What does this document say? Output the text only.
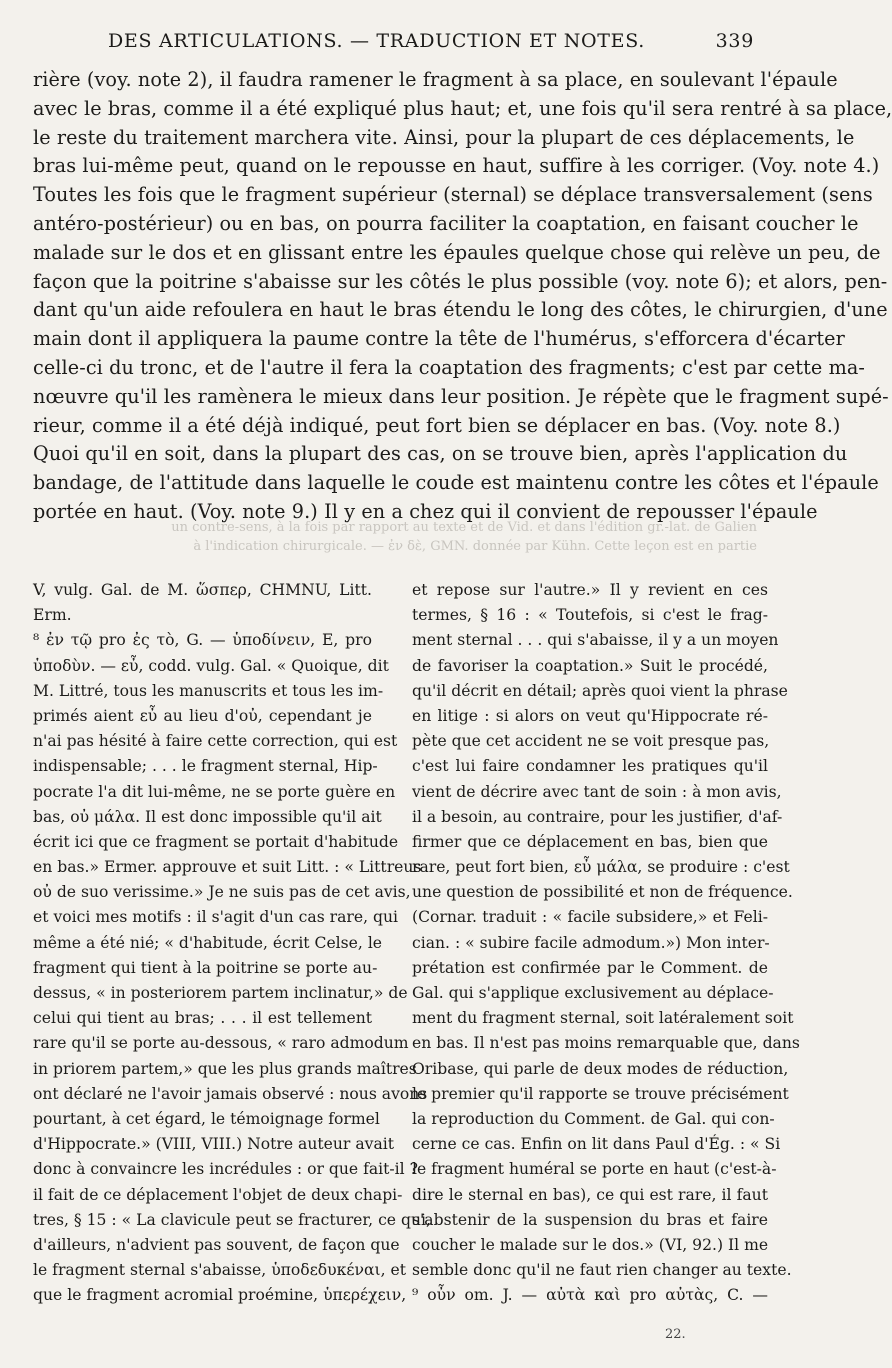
DES ARTICULATIONS. — TRADUCTION ET NOTES.	339
rière (voy. note 2), il faudra ramener le fragment à sa place, en soulevant l'épaule
avec le bras, comme il a été expliqué plus haut; et, une fois qu'il sera rentré à sa place,
le reste du traitement marchera vite. Ainsi, pour la plupart de ces déplacements, le
bras lui-même peut, quand on le repousse en haut, suffire à les corriger. (Voy. note 4.)
Toutes les fois que le fragment supérieur (sternal) se déplace transversalement (sens
antéro-postérieur) ou en bas, on pourra faciliter la coaptation, en faisant coucher le
malade sur le dos et en glissant entre les épaules quelque chose qui relève un peu, de
façon que la poitrine s'abaisse sur les côtés le plus possible (voy. note 6); et alors, pen-
dant qu'un aide refoulera en haut le bras étendu le long des côtes, le chirurgien, d'une
main dont il appliquera la paume contre la tête de l'humérus, s'efforcera d'écarter
celle-ci du tronc, et de l'autre il fera la coaptation des fragments; c'est par cette ma-
nœuvre qu'il les ramènera le mieux dans leur position. Je répète que le fragment supé-
rieur, comme il a été déjà indiqué, peut fort bien se déplacer en bas. (Voy. note 8.)
Quoi qu'il en soit, dans la plupart des cas, on se trouve bien, après l'application du
bandage, de l'attitude dans laquelle le coude est maintenu contre les côtes et l'épaule
portée en haut. (Voy. note 9.) Il y en a chez qui il convient de repousser l'épaule
un contre-sens, à la fois par rapport au texte et de Vid. et dans l'édition gr.-lat. de Galien
à l'indication chirurgicale. — ἐν δὲ, GMN. donnée par Kühn. Cette leçon est en partie
V, vulg. Gal. de M. ὥσπερ, CHMNU, Litt.
Erm.
⁸ ἐν τῷ pro ἐς τὸ, G. — ὑποδίνειν, E, pro
ὑποδὺν. — εὖ, codd. vulg. Gal. « Quoique, dit
M. Littré, tous les manuscrits et tous les im-
primés aient εὖ au lieu d'οὐ, cependant je
n'ai pas hésité à faire cette correction, qui est
indispensable; . . . le fragment sternal, Hip-
pocrate l'a dit lui-même, ne se porte guère en
bas, οὐ μάλα. Il est donc impossible qu'il ait
écrit ici que ce fragment se portait d'habitude
en bas.» Ermer. approuve et suit Litt. : « Littreus
οὐ de suo verissime.» Je ne suis pas de cet avis,
et voici mes motifs : il s'agit d'un cas rare, qui
même a été nié; « d'habitude, écrit Celse, le
fragment qui tient à la poitrine se porte au-
dessus, « in posteriorem partem inclinatur,» de
celui qui tient au bras; . . . il est tellement
rare qu'il se porte au-dessous, « raro admodum
in priorem partem,» que les plus grands maîtres
ont déclaré ne l'avoir jamais observé : nous avons
pourtant, à cet égard, le témoignage formel
d'Hippocrate.» (VIII, VIII.) Notre auteur avait
donc à convaincre les incrédules : or que fait-il ?
il fait de ce déplacement l'objet de deux chapi-
tres, § 15 : « La clavicule peut se fracturer, ce qui,
d'ailleurs, n'advient pas souvent, de façon que
le fragment sternal s'abaisse, ὑποδεδυκέναι, et
que le fragment acromial proémine, ὑπερέχειν,
et repose sur l'autre.» Il y revient en ces
termes, § 16 : « Toutefois, si c'est le frag-
ment sternal . . . qui s'abaisse, il y a un moyen
de favoriser la coaptation.» Suit le procédé,
qu'il décrit en détail; après quoi vient la phrase
en litige : si alors on veut qu'Hippocrate ré-
pète que cet accident ne se voit presque pas,
c'est lui faire condamner les pratiques qu'il
vient de décrire avec tant de soin : à mon avis,
il a besoin, au contraire, pour les justifier, d'af-
firmer que ce déplacement en bas, bien que
rare, peut fort bien, εὖ μάλα, se produire : c'est
une question de possibilité et non de fréquence.
(Cornar. traduit : « facile subsidere,» et Feli-
cian. : « subire facile admodum.») Mon inter-
prétation est confirmée par le Comment. de
Gal. qui s'applique exclusivement au déplace-
ment du fragment sternal, soit latéralement soit
en bas. Il n'est pas moins remarquable que, dans
Oribase, qui parle de deux modes de réduction,
le premier qu'il rapporte se trouve précisément
la reproduction du Comment. de Gal. qui con-
cerne ce cas. Enfin on lit dans Paul d'Ég. : « Si
le fragment huméral se porte en haut (c'est-à-
dire le sternal en bas), ce qui est rare, il faut
s'abstenir de la suspension du bras et faire
coucher le malade sur le dos.» (VI, 92.) Il me
semble donc qu'il ne faut rien changer au texte.
⁹ οὖν om. J. — αὐτὰ καὶ pro αὐτὰς, C. —
22.
